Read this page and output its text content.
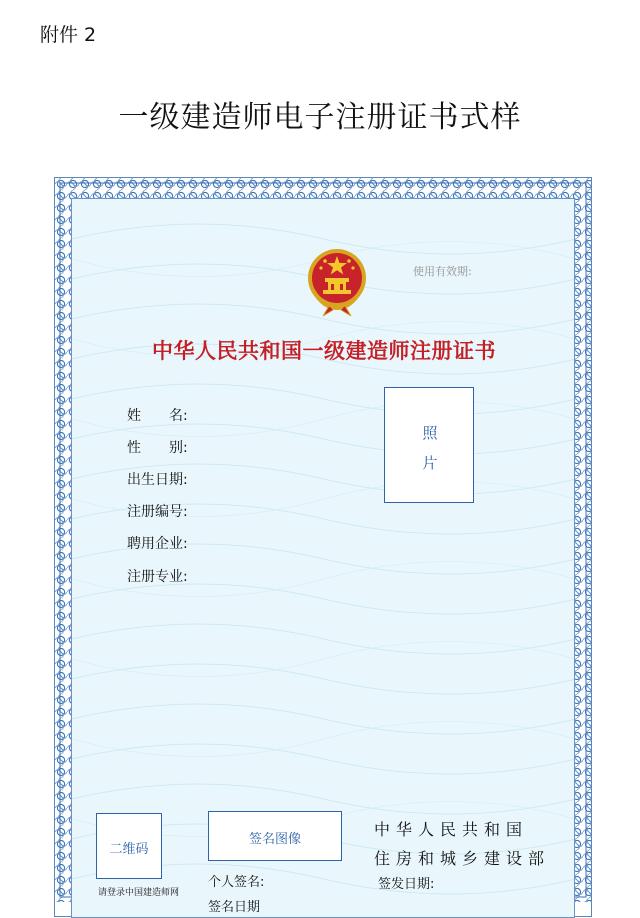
附件 2
一级建造师电子注册证书式样
使用有效期:
中华人民共和国一级建造师注册证书
姓　　名:
性　　别:
出生日期:
注册编号:
聘用企业:
注册专业:
照
片
二维码
请登录中国建造师网
签名图像
个人签名:
签名日期
中华人民共和国
住房和城乡建设部
签发日期:
